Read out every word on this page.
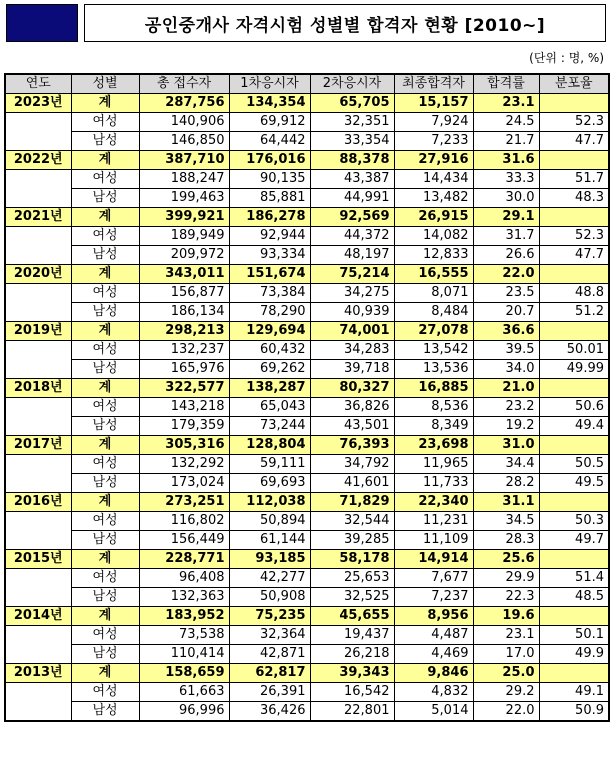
공인중개사 자격시험 성별별 합격자 현황 [2010~]
(단위 : 명, %)
연도	성별	총 접수자	1차응시자	2차응시자	최종합격자	합격률	분포율
2023년	계	287,756	134,354	65,705	15,157	23.1	
	여성	140,906	69,912	32,351	7,924	24.5	52.3
	남성	146,850	64,442	33,354	7,233	21.7	47.7
2022년	계	387,710	176,016	88,378	27,916	31.6	
	여성	188,247	90,135	43,387	14,434	33.3	51.7
	남성	199,463	85,881	44,991	13,482	30.0	48.3
2021년	계	399,921	186,278	92,569	26,915	29.1	
	여성	189,949	92,944	44,372	14,082	31.7	52.3
	남성	209,972	93,334	48,197	12,833	26.6	47.7
2020년	계	343,011	151,674	75,214	16,555	22.0	
	여성	156,877	73,384	34,275	8,071	23.5	48.8
	남성	186,134	78,290	40,939	8,484	20.7	51.2
2019년	계	298,213	129,694	74,001	27,078	36.6	
	여성	132,237	60,432	34,283	13,542	39.5	50.01
	남성	165,976	69,262	39,718	13,536	34.0	49.99
2018년	계	322,577	138,287	80,327	16,885	21.0	
	여성	143,218	65,043	36,826	8,536	23.2	50.6
	남성	179,359	73,244	43,501	8,349	19.2	49.4
2017년	계	305,316	128,804	76,393	23,698	31.0	
	여성	132,292	59,111	34,792	11,965	34.4	50.5
	남성	173,024	69,693	41,601	11,733	28.2	49.5
2016년	계	273,251	112,038	71,829	22,340	31.1	
	여성	116,802	50,894	32,544	11,231	34.5	50.3
	남성	156,449	61,144	39,285	11,109	28.3	49.7
2015년	계	228,771	93,185	58,178	14,914	25.6	
	여성	96,408	42,277	25,653	7,677	29.9	51.4
	남성	132,363	50,908	32,525	7,237	22.3	48.5
2014년	계	183,952	75,235	45,655	8,956	19.6	
	여성	73,538	32,364	19,437	4,487	23.1	50.1
	남성	110,414	42,871	26,218	4,469	17.0	49.9
2013년	계	158,659	62,817	39,343	9,846	25.0	
	여성	61,663	26,391	16,542	4,832	29.2	49.1
	남성	96,996	36,426	22,801	5,014	22.0	50.9
